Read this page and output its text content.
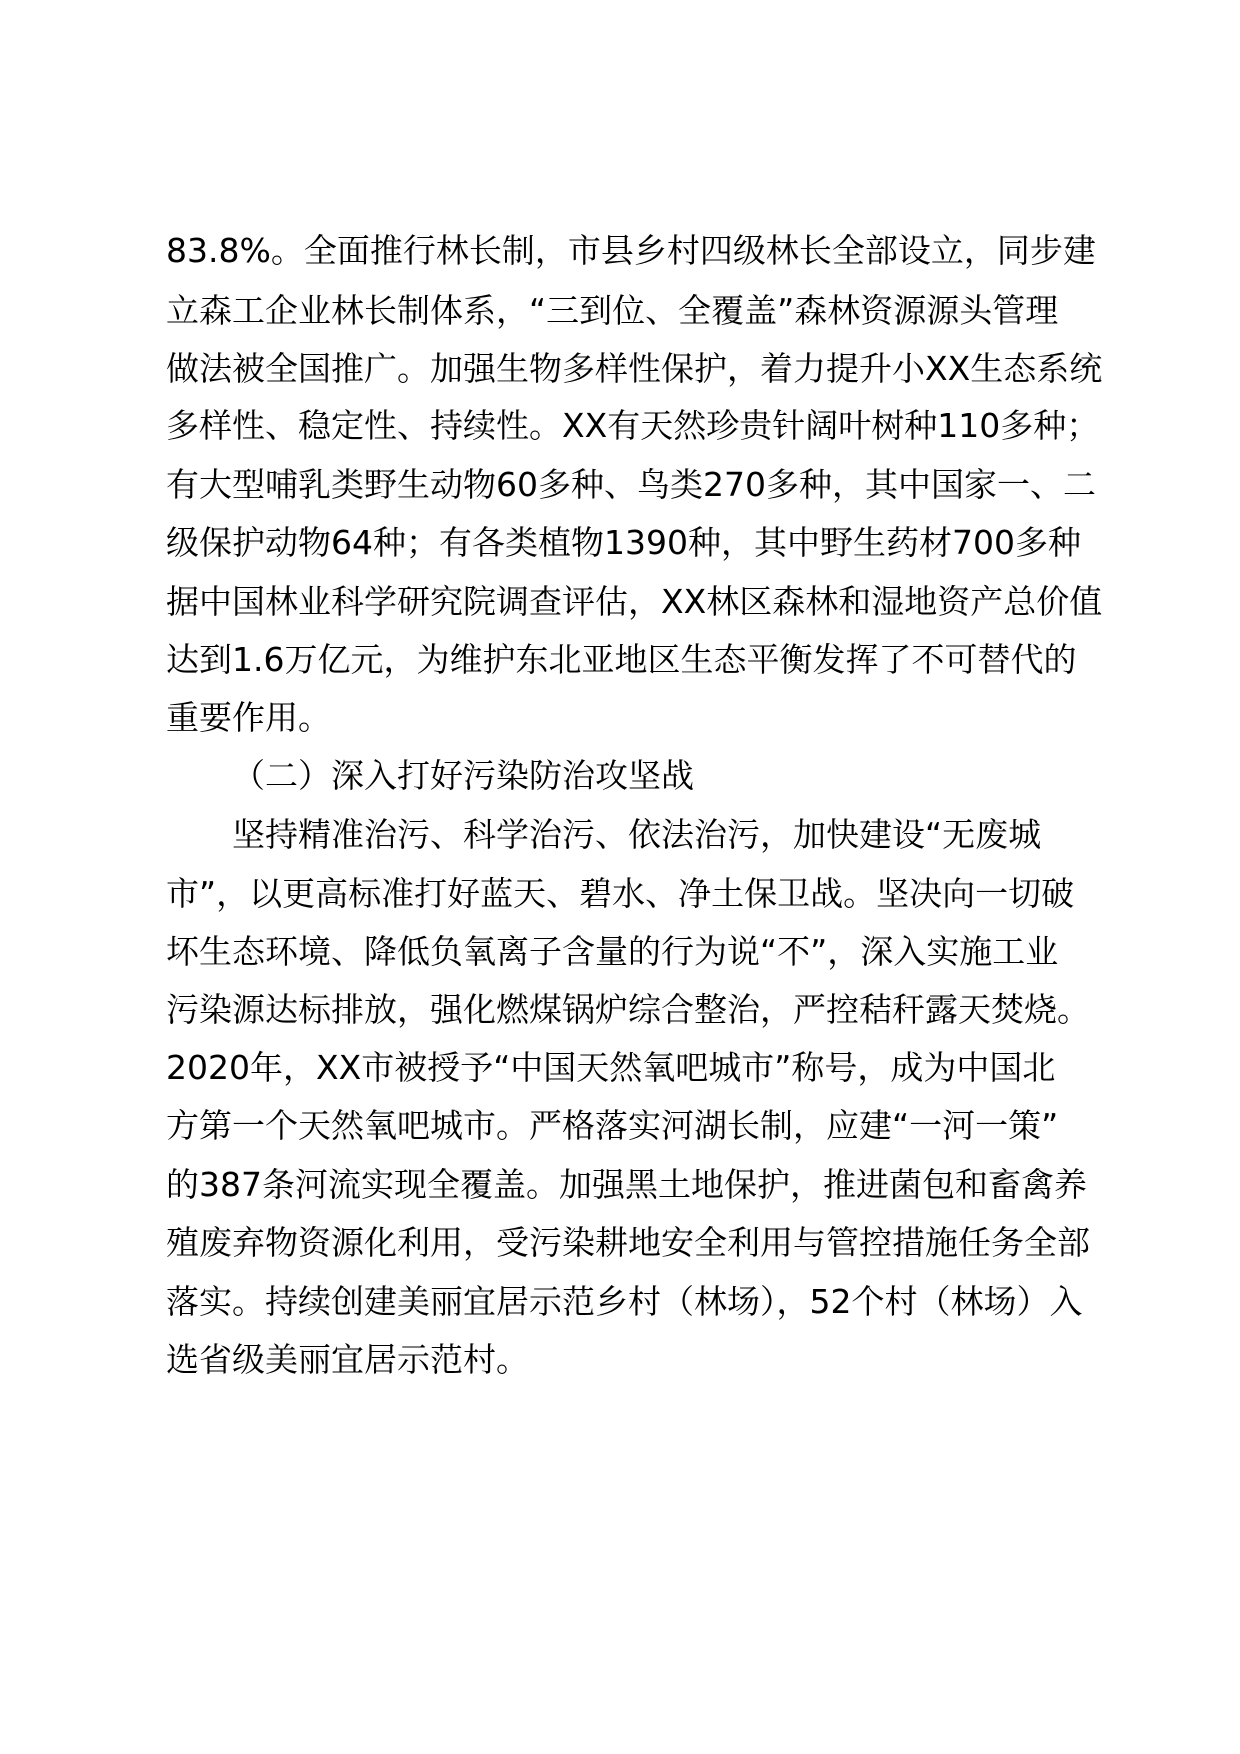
83.8%。全面推行林长制，市县乡村四级林长全部设立，同步建
立森工企业林长制体系，“三到位、全覆盖”森林资源源头管理
做法被全国推广。加强生物多样性保护，着力提升小XX生态系统
多样性、稳定性、持续性。XX有天然珍贵针阔叶树种110多种；
有大型哺乳类野生动物60多种、鸟类270多种，其中国家一、二
级保护动物64种；有各类植物1390种，其中野生药材700多种
据中国林业科学研究院调查评估，XX林区森林和湿地资产总价值
达到1.6万亿元，为维护东北亚地区生态平衡发挥了不可替代的
重要作用。
（二）深入打好污染防治攻坚战
坚持精准治污、科学治污、依法治污，加快建设“无废城
市”，以更高标准打好蓝天、碧水、净土保卫战。坚决向一切破
坏生态环境、降低负氧离子含量的行为说“不”，深入实施工业
污染源达标排放，强化燃煤锅炉综合整治，严控秸秆露天焚烧。
2020年，XX市被授予“中国天然氧吧城市”称号，成为中国北
方第一个天然氧吧城市。严格落实河湖长制，应建“一河一策”
的387条河流实现全覆盖。加强黑土地保护，推进菌包和畜禽养
殖废弃物资源化利用，受污染耕地安全利用与管控措施任务全部
落实。持续创建美丽宜居示范乡村（林场），52个村（林场）入
选省级美丽宜居示范村。
